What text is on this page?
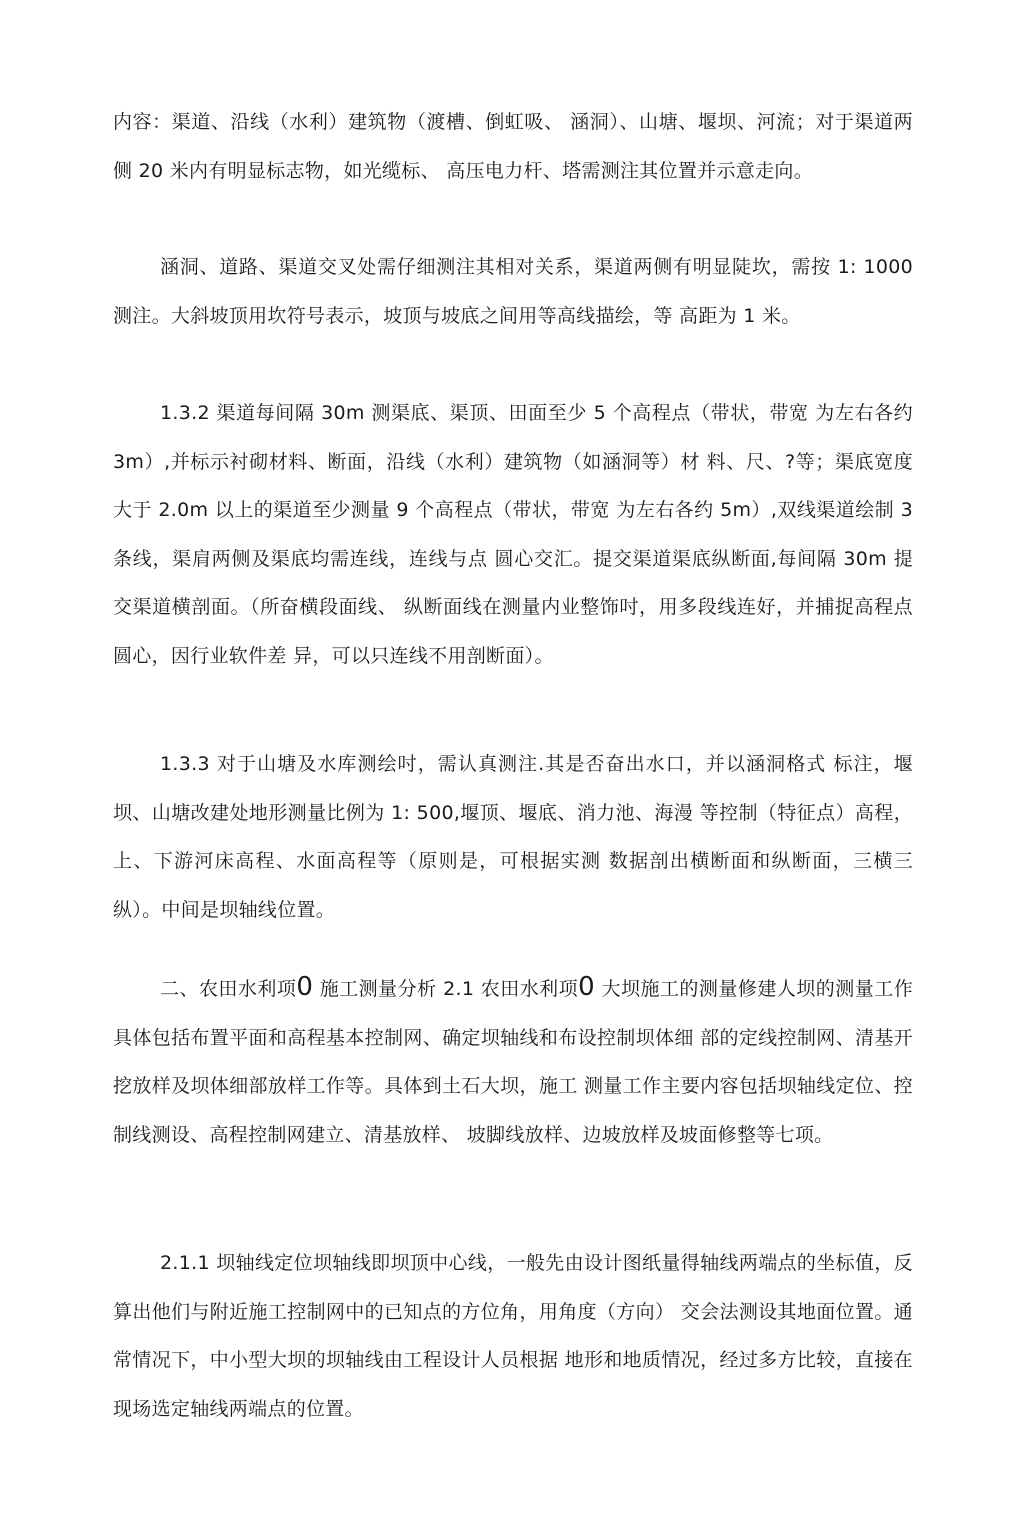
内容：渠道、沿线（水利）建筑物（渡槽、倒虹吸、 涵洞）、山塘、堰坝、河流；对于渠道两侧 20 米内有明显标志物，如光缆标、 高压电力杆、塔需测注其位置并示意走向。

涵洞、道路、渠道交叉处需仔细测注其相对关系，渠道两侧有明显陡坎，需按 1: 1000 测注。大斜坡顶用坎符号表示，坡顶与坡底之间用等高线描绘，等 高距为 1 米。

1.3.2 渠道每间隔 30m 测渠底、渠顶、田面至少 5 个高程点（带状，带宽 为左右各约 3m）,并标示衬砌材料、断面，沿线（水利）建筑物（如涵洞等）材 料、尺、?等；渠底宽度大于 2.0m 以上的渠道至少测量 9 个高程点（带状，带宽 为左右各约 5m）,双线渠道绘制 3 条线，渠肩两侧及渠底均需连线，连线与点 圆心交汇。提交渠道渠底纵断面,每间隔 30m 提交渠道横剖面。（所奋横段面线、 纵断面线在测量内业整饰吋，用多段线连好，并捕捉高程点圆心，因行业软件差 异，可以只连线不用剖断面）。

1.3.3 对于山塘及水库测绘吋，需认真测注.其是否奋出水口，并以涵洞格式 标注，堰坝、山塘改建处地形测量比例为 1: 500,堰顶、堰底、消力池、海漫 等控制（特征点）高程，上、下游河床高程、水面高程等（原则是，可根据实测 数据剖出横断面和纵断面，三横三纵）。中间是坝轴线位置。

二、农田水利项0 施工测量分析 2.1 农田水利项0 大坝施工的测量修建人坝的测量工作具体包括布置平面和高程基本控制网、确定坝轴线和布设控制坝体细 部的定线控制网、清基开挖放样及坝体细部放样工作等。具体到土石大坝，施工 测量工作主要内容包括坝轴线定位、控制线测设、高程控制网建立、清基放样、 坡脚线放样、边坡放样及坡面修整等七项。

2.1.1 坝轴线定位坝轴线即坝顶中心线，一般先由设计图纸量得轴线两端点的坐标值，反算出他们与附近施工控制网中的已知点的方位角，用角度（方向） 交会法测设其地面位置。通常情况下，中小型大坝的坝轴线由工程设计人员根据 地形和地质情况，经过多方比较，直接在现场选定轴线两端点的位置。
